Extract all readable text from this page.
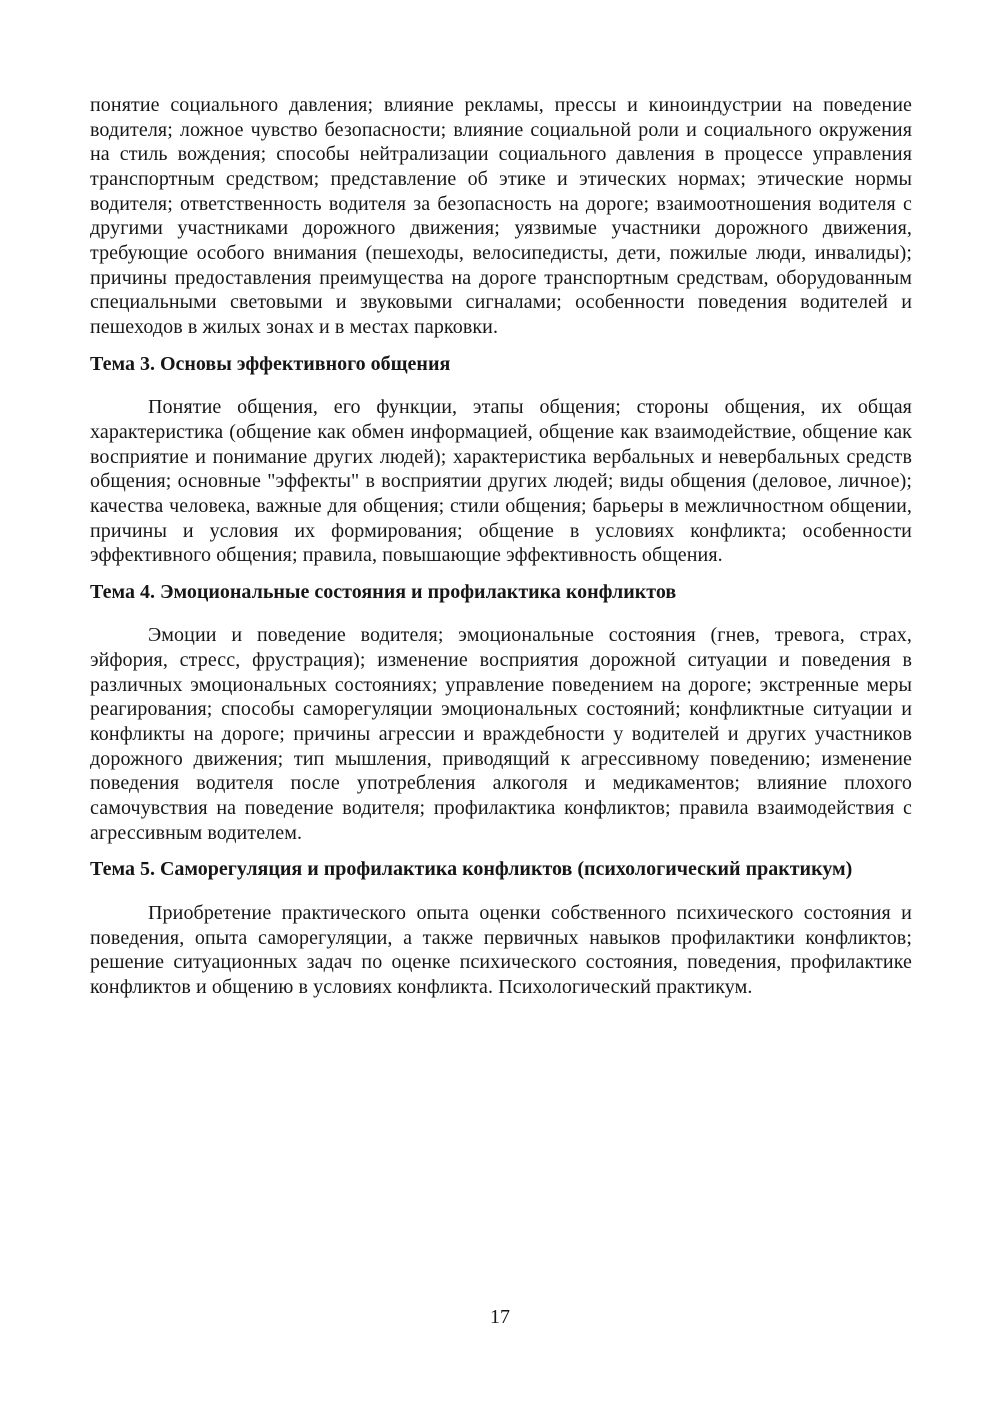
понятие социального давления; влияние рекламы, прессы и киноиндустрии на поведение водителя; ложное чувство безопасности; влияние социальной роли и социального окружения на стиль вождения; способы нейтрализации социального давления в процессе управления транспортным средством; представление об этике и этических нормах; этические нормы водителя; ответственность водителя за безопасность на дороге; взаимоотношения водителя с другими участниками дорожного движения; уязвимые участники дорожного движения, требующие особого внимания (пешеходы, велосипедисты, дети, пожилые люди, инвалиды); причины предоставления преимущества на дороге транспортным средствам, оборудованным специальными световыми и звуковыми сигналами; особенности поведения водителей и пешеходов в жилых зонах и в местах парковки.

Тема 3. Основы эффективного общения

Понятие общения, его функции, этапы общения; стороны общения, их общая характеристика (общение как обмен информацией, общение как взаимодействие, общение как восприятие и понимание других людей); характеристика вербальных и невербальных средств общения; основные "эффекты" в восприятии других людей; виды общения (деловое, личное); качества человека, важные для общения; стили общения; барьеры в межличностном общении, причины и условия их формирования; общение в условиях конфликта; особенности эффективного общения; правила, повышающие эффективность общения.

Тема 4. Эмоциональные состояния и профилактика конфликтов

Эмоции и поведение водителя; эмоциональные состояния (гнев, тревога, страх, эйфория, стресс, фрустрация); изменение восприятия дорожной ситуации и поведения в различных эмоциональных состояниях; управление поведением на дороге; экстренные меры реагирования; способы саморегуляции эмоциональных состояний; конфликтные ситуации и конфликты на дороге; причины агрессии и враждебности у водителей и других участников дорожного движения; тип мышления, приводящий к агрессивному поведению; изменение поведения водителя после употребления алкоголя и медикаментов; влияние плохого самочувствия на поведение водителя; профилактика конфликтов; правила взаимодействия с агрессивным водителем.

Тема 5. Саморегуляция и профилактика конфликтов (психологический практикум)

Приобретение практического опыта оценки собственного психического состояния и поведения, опыта саморегуляции, а также первичных навыков профилактики конфликтов; решение ситуационных задач по оценке психического состояния, поведения, профилактике конфликтов и общению в условиях конфликта. Психологический практикум.

17
